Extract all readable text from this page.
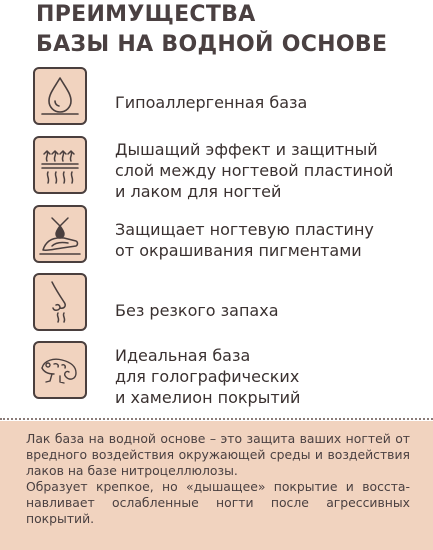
ПРЕИМУЩЕСТВА
БАЗЫ НА ВОДНОЙ ОСНОВЕ
Гипоаллергенная база
Дышащий эффект и защитный
слой между ногтевой пластиной
и лаком для ногтей
Защищает ногтевую пластину
от окрашивания пигментами
Без резкого запаха
Идеальная база
для голографических
и хамелион покрытий

Лак база на водной основе – это защита ваших ногтей от вредного воздействия окружающей среды и воздействия лаков на базе нитроцеллюлозы.

Образует крепкое, но «дышащее» покрытие и восста-навливает ослабленные ногти после агрессивных покрытий.
